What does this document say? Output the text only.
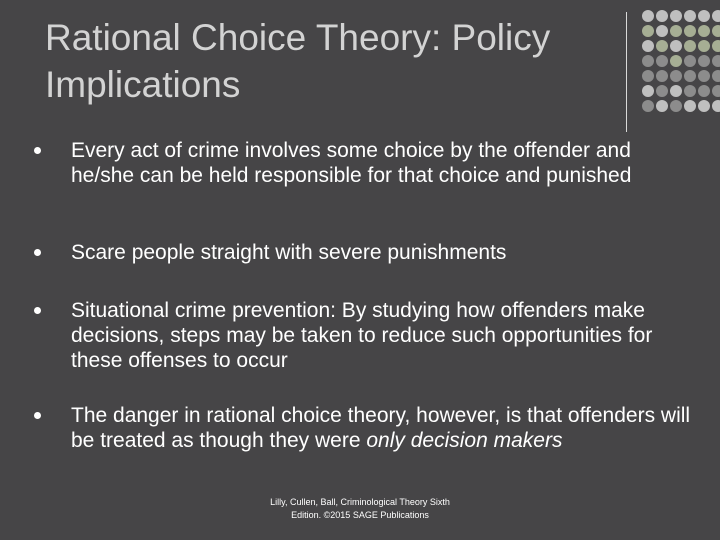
Rational Choice Theory: Policy
Implications
Every act of crime involves some choice by the offender and he/she can be held responsible for that choice and punished
Scare people straight with severe punishments
Situational crime prevention: By studying how offenders make decisions, steps may be taken to reduce such opportunities for these offenses to occur
The danger in rational choice theory, however, is that offenders will be treated as though they were only decision makers
Lilly, Cullen, Ball, Criminological Theory Sixth
Edition. ©2015 SAGE Publications
